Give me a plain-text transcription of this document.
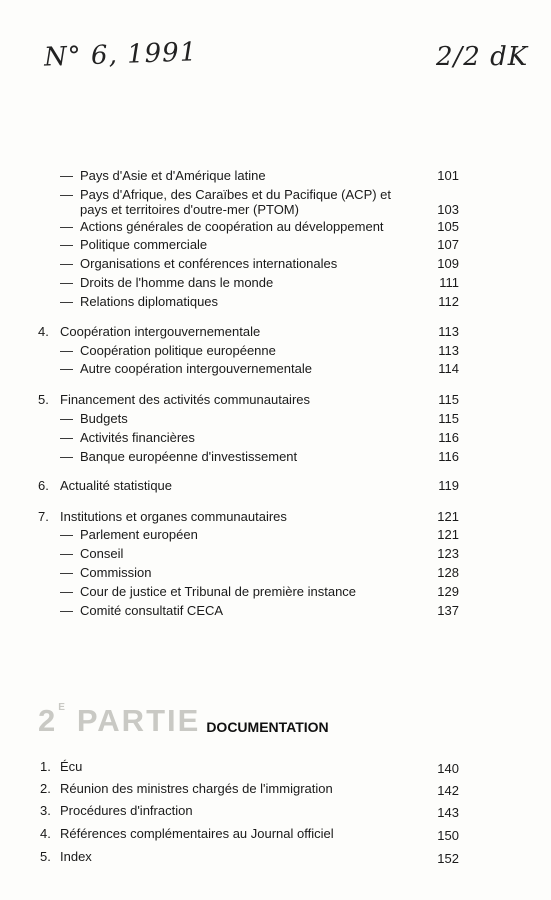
N° 6, 1991	2/2 dK
— Pays d'Asie et d'Amérique latine	101
— Pays d'Afrique, des Caraïbes et du Pacifique (ACP) et pays et territoires d'outre-mer (PTOM)	103
— Actions générales de coopération au développement	105
— Politique commerciale	107
— Organisations et conférences internationales	109
— Droits de l'homme dans le monde	111
— Relations diplomatiques	112
4. Coopération intergouvernementale	113
— Coopération politique européenne	113
— Autre coopération intergouvernementale	114
5. Financement des activités communautaires	115
— Budgets	115
— Activités financières	116
— Banque européenne d'investissement	116
6. Actualité statistique	119
7. Institutions et organes communautaires	121
— Parlement européen	121
— Conseil	123
— Commission	128
— Cour de justice et Tribunal de première instance	129
— Comité consultatif CECA	137
2 E PARTIE DOCUMENTATION
1. Écu	140
2. Réunion des ministres chargés de l'immigration	142
3. Procédures d'infraction	143
4. Références complémentaires au Journal officiel	150
5. Index	152
